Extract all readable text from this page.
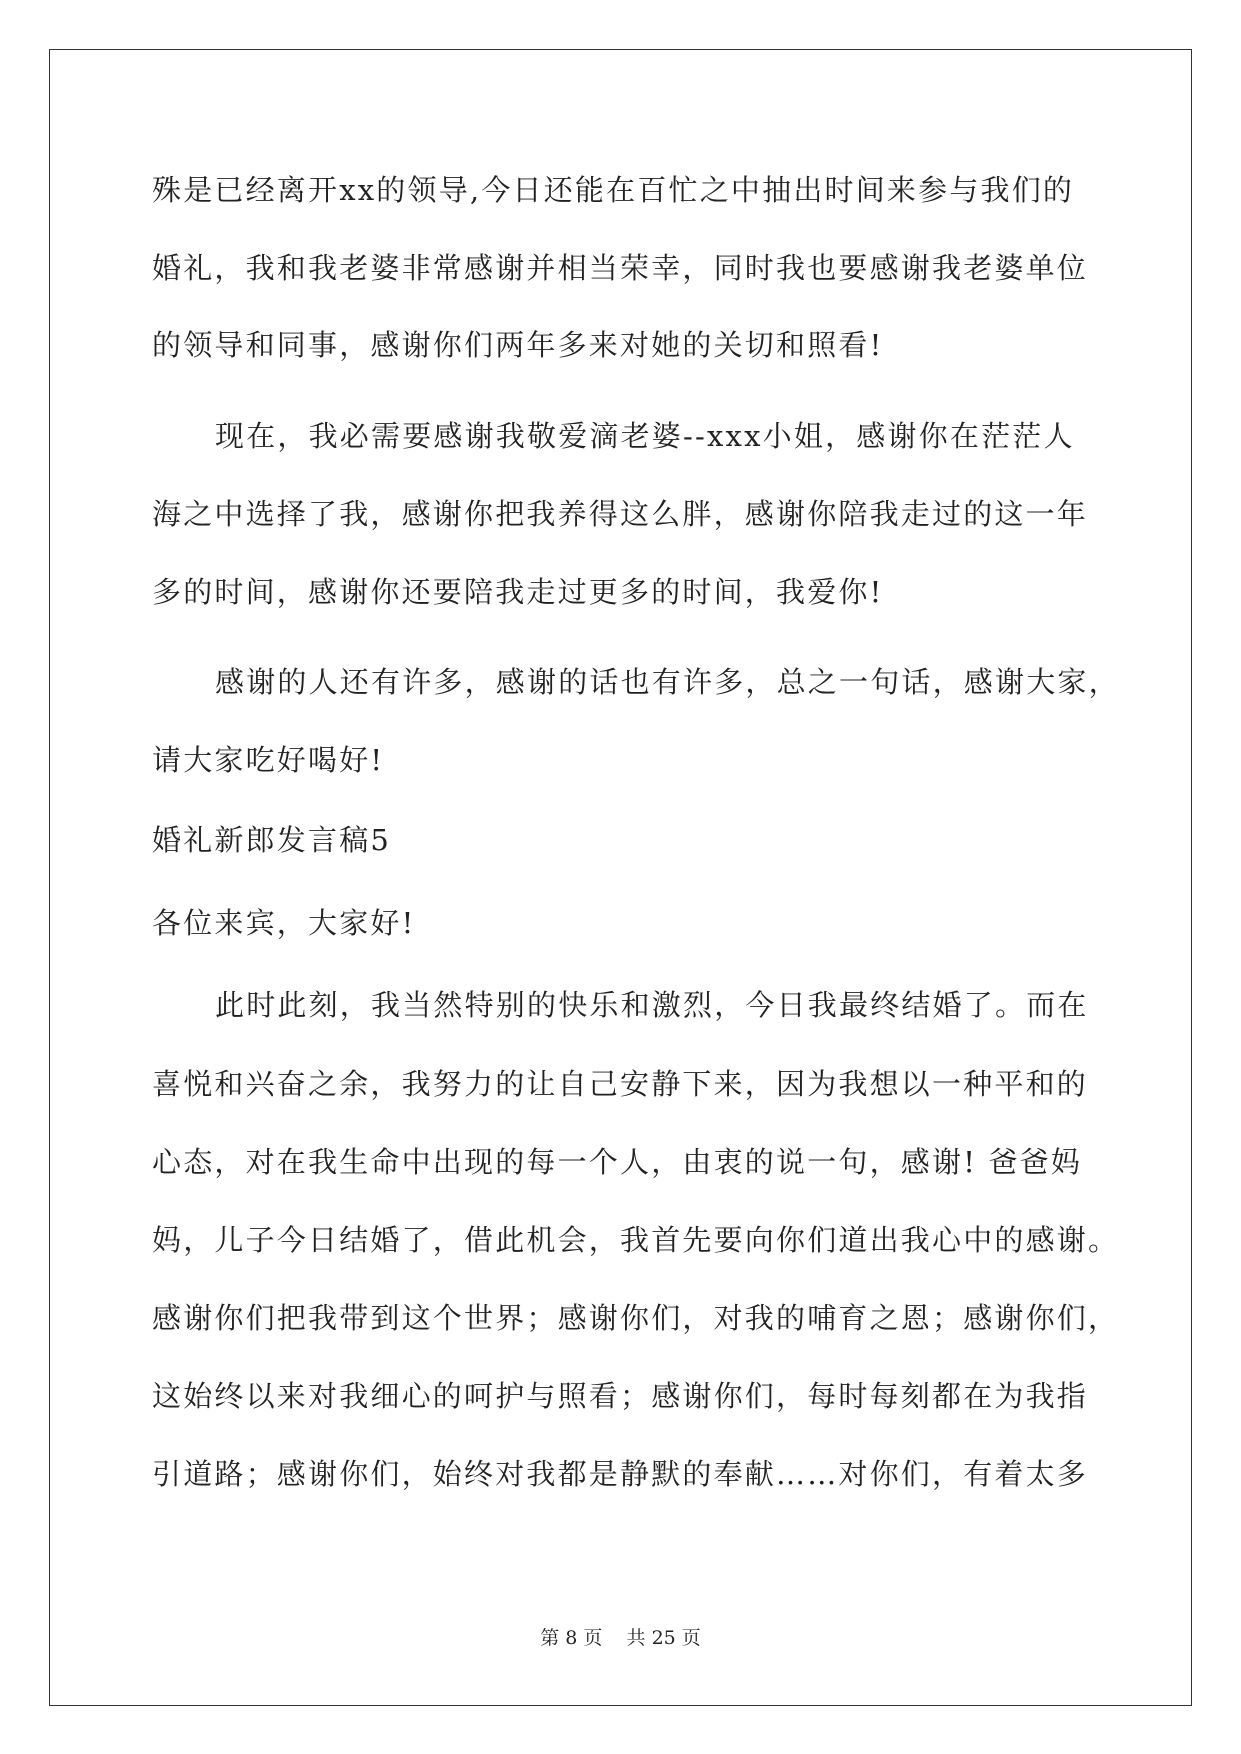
殊是已经离开xx的领导,今日还能在百忙之中抽出时间来参与我们的
婚礼，我和我老婆非常感谢并相当荣幸，同时我也要感谢我老婆单位
的领导和同事，感谢你们两年多来对她的关切和照看!
现在，我必需要感谢我敬爱滴老婆--xxx小姐，感谢你在茫茫人
海之中选择了我，感谢你把我养得这么胖，感谢你陪我走过的这一年
多的时间，感谢你还要陪我走过更多的时间，我爱你!
感谢的人还有许多，感谢的话也有许多，总之一句话，感谢大家，
请大家吃好喝好!
婚礼新郎发言稿5
各位来宾，大家好!
此时此刻，我当然特别的快乐和激烈，今日我最终结婚了。而在
喜悦和兴奋之余，我努力的让自己安静下来，因为我想以一种平和的
心态，对在我生命中出现的每一个人，由衷的说一句，感谢! 爸爸妈
妈，儿子今日结婚了，借此机会，我首先要向你们道出我心中的感谢。
感谢你们把我带到这个世界；感谢你们，对我的哺育之恩；感谢你们，
这始终以来对我细心的呵护与照看；感谢你们，每时每刻都在为我指
引道路；感谢你们，始终对我都是静默的奉献……对你们，有着太多
第 8 页    共 25 页
